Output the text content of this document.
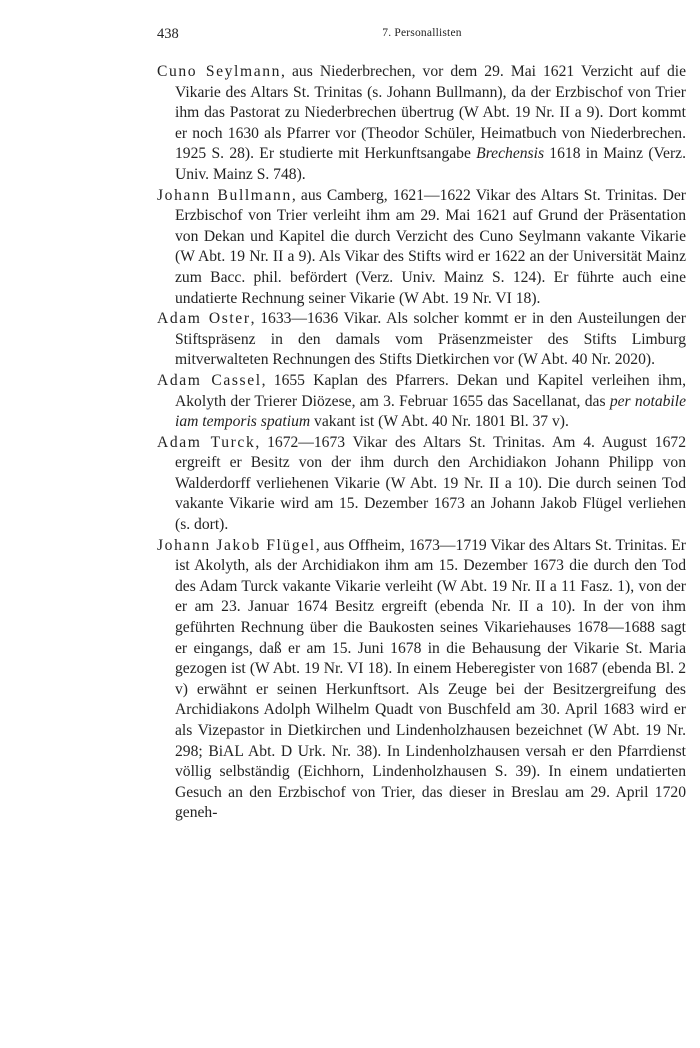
438	7. Personallisten

Cuno Seylmann, aus Niederbrechen, vor dem 29. Mai 1621 Verzicht auf die Vikarie des Altars St. Trinitas (s. Johann Bullmann), da der Erzbischof von Trier ihm das Pastorat zu Niederbrechen übertrug (W Abt. 19 Nr. II a 9). Dort kommt er noch 1630 als Pfarrer vor (Theodor Schüler, Heimatbuch von Niederbrechen. 1925 S. 28). Er studierte mit Herkunftsangabe Brechensis 1618 in Mainz (Verz. Univ. Mainz S. 748).

Johann Bullmann, aus Camberg, 1621—1622 Vikar des Altars St. Trinitas. Der Erzbischof von Trier verleiht ihm am 29. Mai 1621 auf Grund der Präsentation von Dekan und Kapitel die durch Verzicht des Cuno Seylmann vakante Vikarie (W Abt. 19 Nr. II a 9). Als Vikar des Stifts wird er 1622 an der Universität Mainz zum Bacc. phil. befördert (Verz. Univ. Mainz S. 124). Er führte auch eine undatierte Rechnung seiner Vikarie (W Abt. 19 Nr. VI 18).

Adam Oster, 1633—1636 Vikar. Als solcher kommt er in den Austeilungen der Stiftspräsenz in den damals vom Präsenzmeister des Stifts Limburg mitverwalteten Rechnungen des Stifts Dietkirchen vor (W Abt. 40 Nr. 2020).

Adam Cassel, 1655 Kaplan des Pfarrers. Dekan und Kapitel verleihen ihm, Akolyth der Trierer Diözese, am 3. Februar 1655 das Sacellanat, das per notabile iam temporis spatium vakant ist (W Abt. 40 Nr. 1801 Bl. 37 v).

Adam Turck, 1672—1673 Vikar des Altars St. Trinitas. Am 4. August 1672 ergreift er Besitz von der ihm durch den Archidiakon Johann Philipp von Walderdorff verliehenen Vikarie (W Abt. 19 Nr. II a 10). Die durch seinen Tod vakante Vikarie wird am 15. Dezember 1673 an Johann Jakob Flügel verliehen (s. dort).

Johann Jakob Flügel, aus Offheim, 1673—1719 Vikar des Altars St. Trinitas. Er ist Akolyth, als der Archidiakon ihm am 15. Dezember 1673 die durch den Tod des Adam Turck vakante Vikarie verleiht (W Abt. 19 Nr. II a 11 Fasz. 1), von der er am 23. Januar 1674 Besitz ergreift (ebenda Nr. II a 10). In der von ihm geführten Rechnung über die Baukosten seines Vikariehauses 1678—1688 sagt er eingangs, daß er am 15. Juni 1678 in die Behausung der Vikarie St. Maria gezogen ist (W Abt. 19 Nr. VI 18). In einem Heberegister von 1687 (ebenda Bl. 2 v) erwähnt er seinen Herkunftsort. Als Zeuge bei der Besitzergreifung des Archidiakons Adolph Wilhelm Quadt von Buschfeld am 30. April 1683 wird er als Vizepastor in Dietkirchen und Lindenholzhausen bezeichnet (W Abt. 19 Nr. 298; BiAL Abt. D Urk. Nr. 38). In Lindenholzhausen versah er den Pfarrdienst völlig selbständig (Eichhorn, Lindenholzhausen S. 39). In einem undatierten Gesuch an den Erzbischof von Trier, das dieser in Breslau am 29. April 1720 geneh-
